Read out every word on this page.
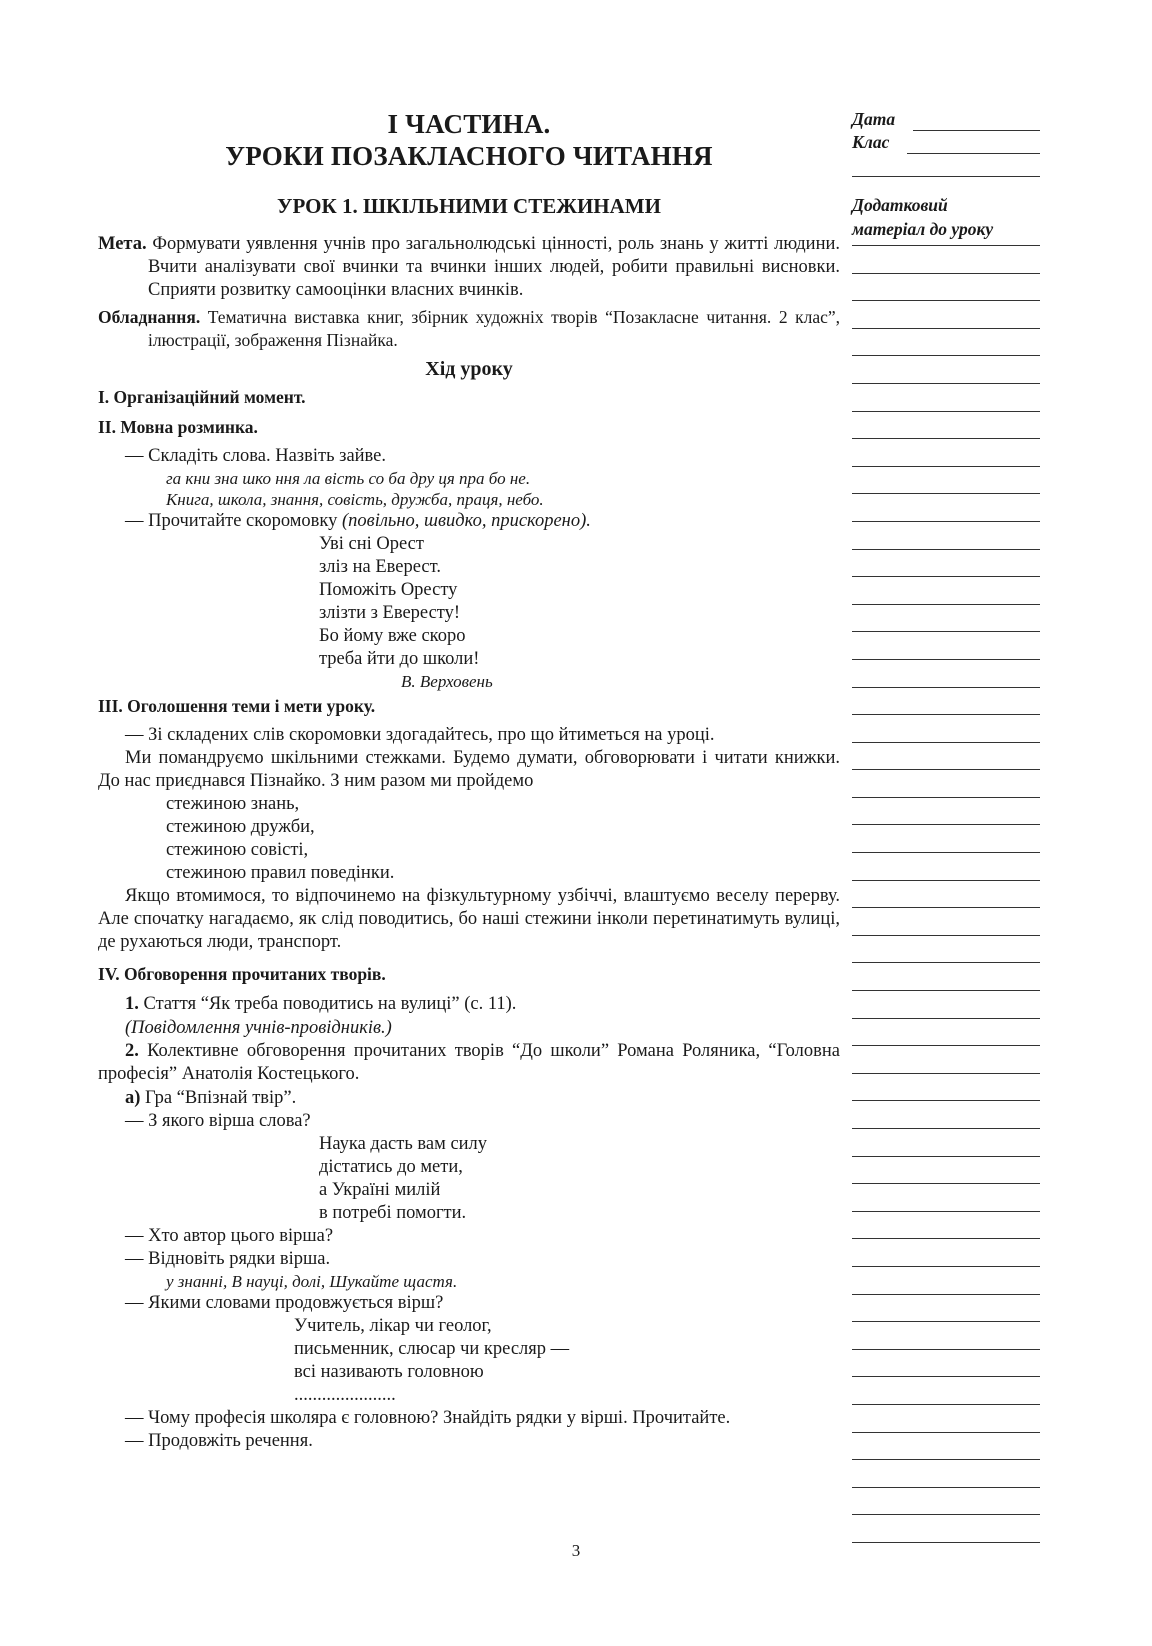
I ЧАСТИНА.

УРОКИ ПОЗАКЛАСНОГО ЧИТАННЯ

УРОК 1. ШКІЛЬНИМИ СТЕЖИНАМИ

Мета. Формувати уявлення учнів про загальнолюдські цінності, роль знань у житті людини. Вчити аналізувати свої вчинки та вчинки інших людей, робити правильні висновки. Сприяти розвитку самооцінки власних вчинків.

Обладнання. Тематична виставка книг, збірник художніх творів “Позакласне читання. 2 клас”, ілюстрації, зображення Пізнайка.

Хід уроку

I. Організаційний момент.

II. Мовна розминка.

— Складіть слова. Назвіть зайве.

га кни зна шко ння ла вість со ба дру ця пра бо не.

Книга, школа, знання, совість, дружба, праця, небо.

— Прочитайте скоромовку (повільно, швидко, прискорено).

Уві сні Орест

зліз на Еверест.

Поможіть Оресту

злізти з Евересту!

Бо йому вже скоро

треба йти до школи!

В. Верховень

III. Оголошення теми і мети уроку.

— Зі складених слів скоромовки здогадайтесь, про що йтиметься на уроці.

Ми помандруємо шкільними стежками. Будемо думати, обговорювати і читати книжки. До нас приєднався Пізнайко. З ним разом ми пройдемо

стежиною знань,

стежиною дружби,

стежиною совісті,

стежиною правил поведінки.

Якщо втомимося, то відпочинемо на фізкультурному узбіччі, влаштуємо веселу перерву. Але спочатку нагадаємо, як слід поводитись, бо наші стежини інколи перетинатимуть вулиці, де рухаються люди, транспорт.

IV. Обговорення прочитаних творів.

1. Стаття “Як треба поводитись на вулиці” (с. 11).

(Повідомлення учнів-провідників.)

2. Колективне обговорення прочитаних творів “До школи” Романа Роляника, “Головна професія” Анатолія Костецького.

а) Гра “Впізнай твір”.

— З якого вірша слова?

Наука дасть вам силу

дістатись до мети,

а Україні милій

в потребі помогти.

— Хто автор цього вірша?

— Відновіть рядки вірша.

у знанні, В науці, долі, Шукайте щастя.

— Якими словами продовжується вірш?

Учитель, лікар чи геолог,

письменник, слюсар чи кресляр —

всі називають головною

......................

— Чому професія школяра є головною? Знайдіть рядки у вірші. Прочитайте.

— Продовжіть речення.

Дата
Клас
Додатковий
матеріал до уроку
3
